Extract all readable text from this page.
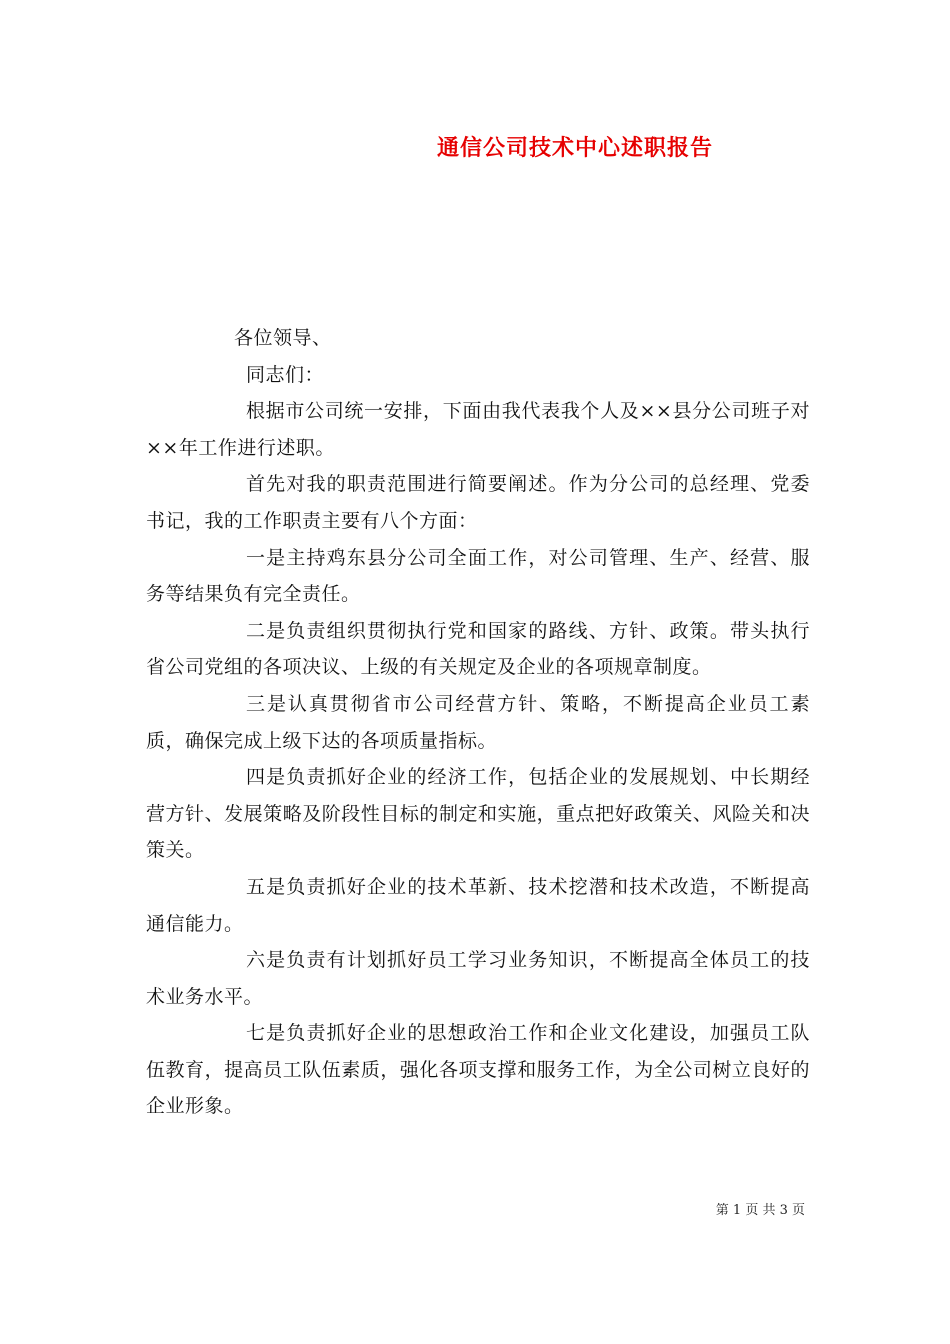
通信公司技术中心述职报告

各位领导、

同志们：

根据市公司统一安排，下面由我代表我个人及××县分公司班子对××年工作进行述职。

首先对我的职责范围进行简要阐述。作为分公司的总经理、党委书记，我的工作职责主要有八个方面：

一是主持鸡东县分公司全面工作，对公司管理、生产、经营、服务等结果负有完全责任。

二是负责组织贯彻执行党和国家的路线、方针、政策。带头执行省公司党组的各项决议、上级的有关规定及企业的各项规章制度。

三是认真贯彻省市公司经营方针、策略，不断提高企业员工素质，确保完成上级下达的各项质量指标。

四是负责抓好企业的经济工作，包括企业的发展规划、中长期经营方针、发展策略及阶段性目标的制定和实施，重点把好政策关、风险关和决策关。

五是负责抓好企业的技术革新、技术挖潜和技术改造，不断提高通信能力。

六是负责有计划抓好员工学习业务知识，不断提高全体员工的技术业务水平。

七是负责抓好企业的思想政治工作和企业文化建设，加强员工队伍教育，提高员工队伍素质，强化各项支撑和服务工作，为全公司树立良好的企业形象。

第 1 页 共 3 页
